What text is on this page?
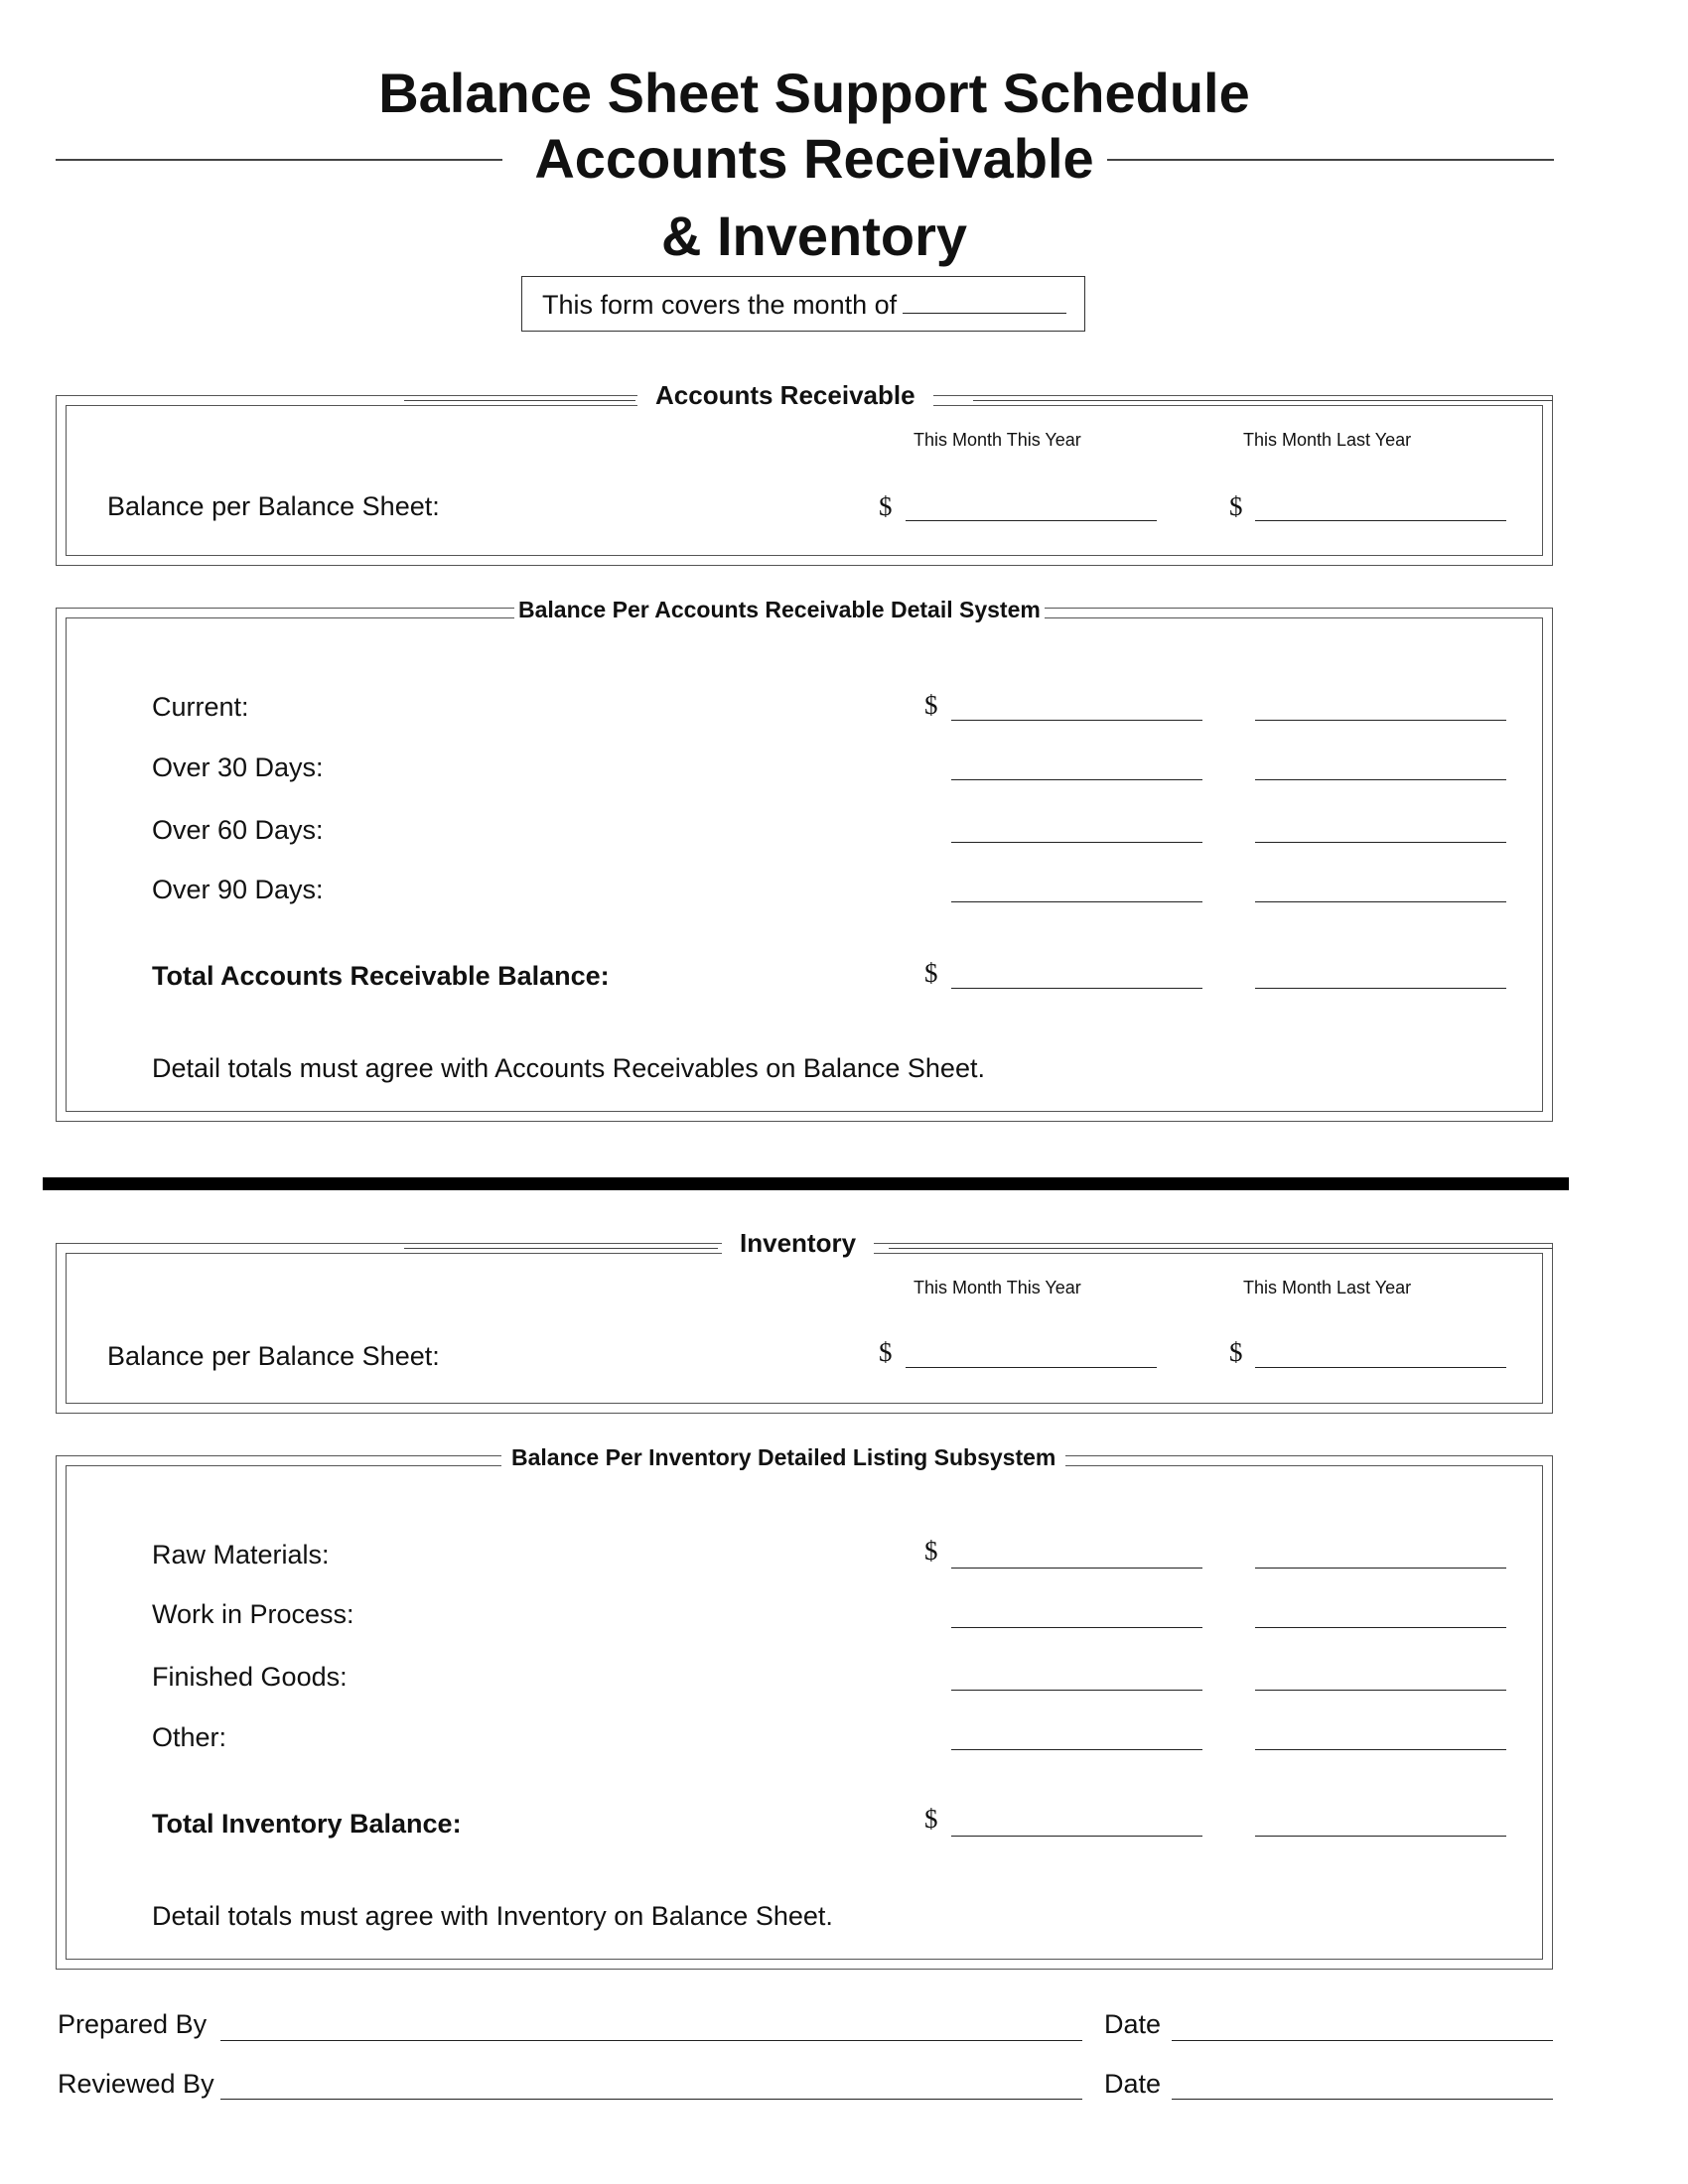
Balance Sheet Support Schedule
Accounts Receivable
& Inventory
This form covers the month of
Accounts Receivable
This Month This Year	This Month Last Year
Balance per Balance Sheet:	$	$
Balance Per Accounts Receivable Detail System
Current:	$
Over 30 Days:
Over 60 Days:
Over 90 Days:
Total Accounts Receivable Balance:	$
Detail totals must agree with Accounts Receivables on Balance Sheet.
Inventory
This Month This Year	This Month Last Year
Balance per Balance Sheet:	$	$
Balance Per Inventory Detailed Listing Subsystem
Raw Materials:	$
Work in Process:
Finished Goods:
Other:
Total Inventory Balance:	$
Detail totals must agree with Inventory on Balance Sheet.
Prepared By	Date
Reviewed By	Date
